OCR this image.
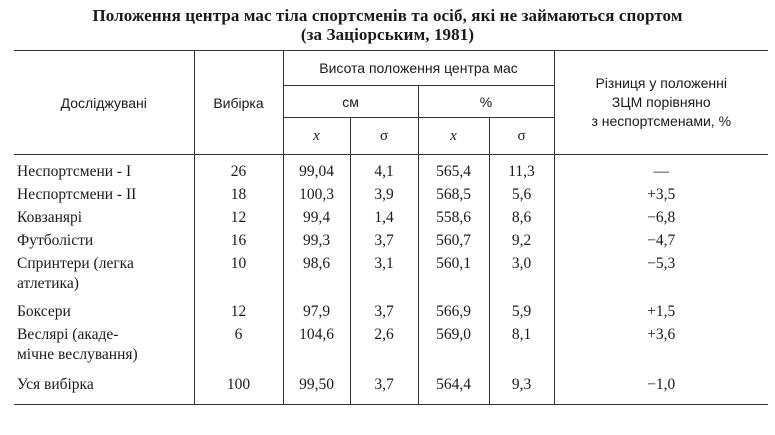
Положення центра мас тіла спортсменів та осіб, які не займаються спортом
(за Заціорським, 1981)
Досліджувані	Вибірка	Висота положення центра мас				Різниця у положенні
ЗЦМ порівняно
з неспортсменами, %

		см		%		
		x	σ	x	σ	

Неспортсмени - І	26	99,04	4,1	565,4	11,3	—

Неспортсмени - ІІ	18	100,3	3,9	568,5	5,6	+3,5

Ковзанярі	12	99,4	1,4	558,6	8,6	−6,8

Футболісти	16	99,3	3,7	560,7	9,2	−4,7

Спринтери (легка
атлетика)	10	98,6	3,1	560,1	3,0	−5,3

Боксери	12	97,9	3,7	566,9	5,9	+1,5

Веслярі (акаде-
мічне веслування)	6	104,6	2,6	569,0	8,1	+3,6

Уся вибірка	100	99,50	3,7	564,4	9,3	−1,0
